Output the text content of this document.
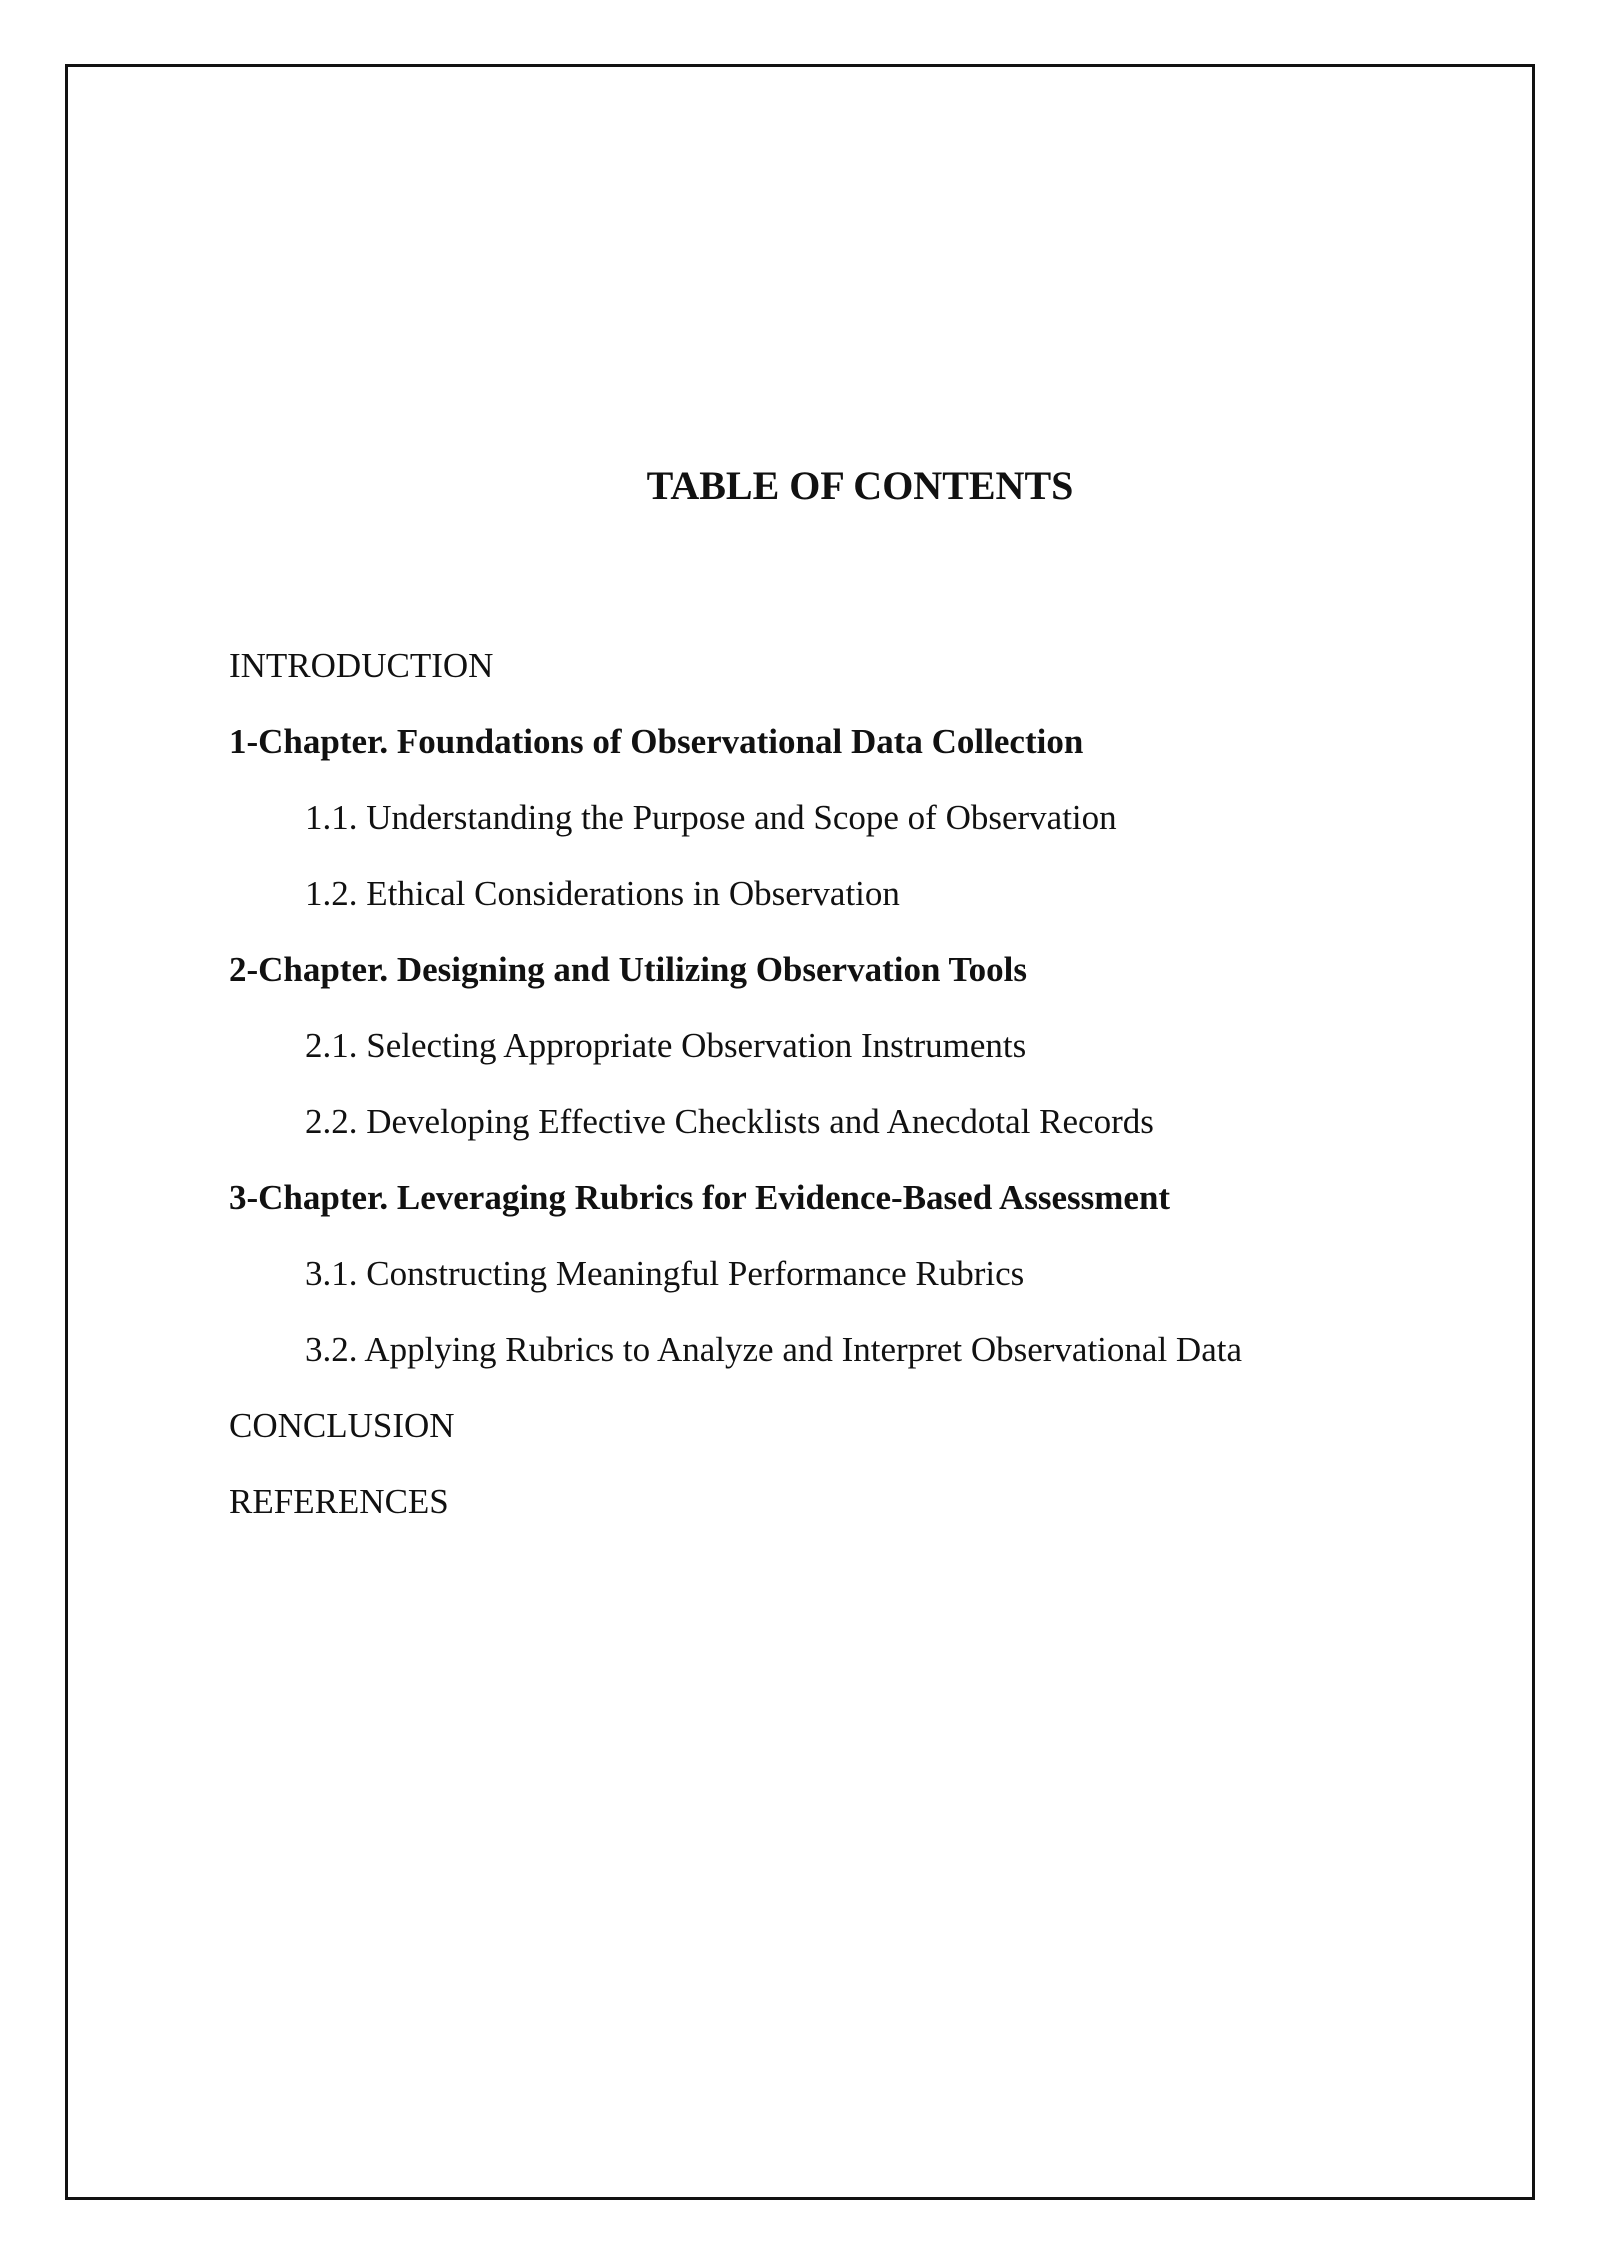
TABLE OF CONTENTS
INTRODUCTION
1-Chapter. Foundations of Observational Data Collection
1.1. Understanding the Purpose and Scope of Observation
1.2. Ethical Considerations in Observation
2-Chapter. Designing and Utilizing Observation Tools
2.1. Selecting Appropriate Observation Instruments
2.2. Developing Effective Checklists and Anecdotal Records
3-Chapter. Leveraging Rubrics for Evidence-Based Assessment
3.1. Constructing Meaningful Performance Rubrics
3.2. Applying Rubrics to Analyze and Interpret Observational Data
CONCLUSION
REFERENCES
